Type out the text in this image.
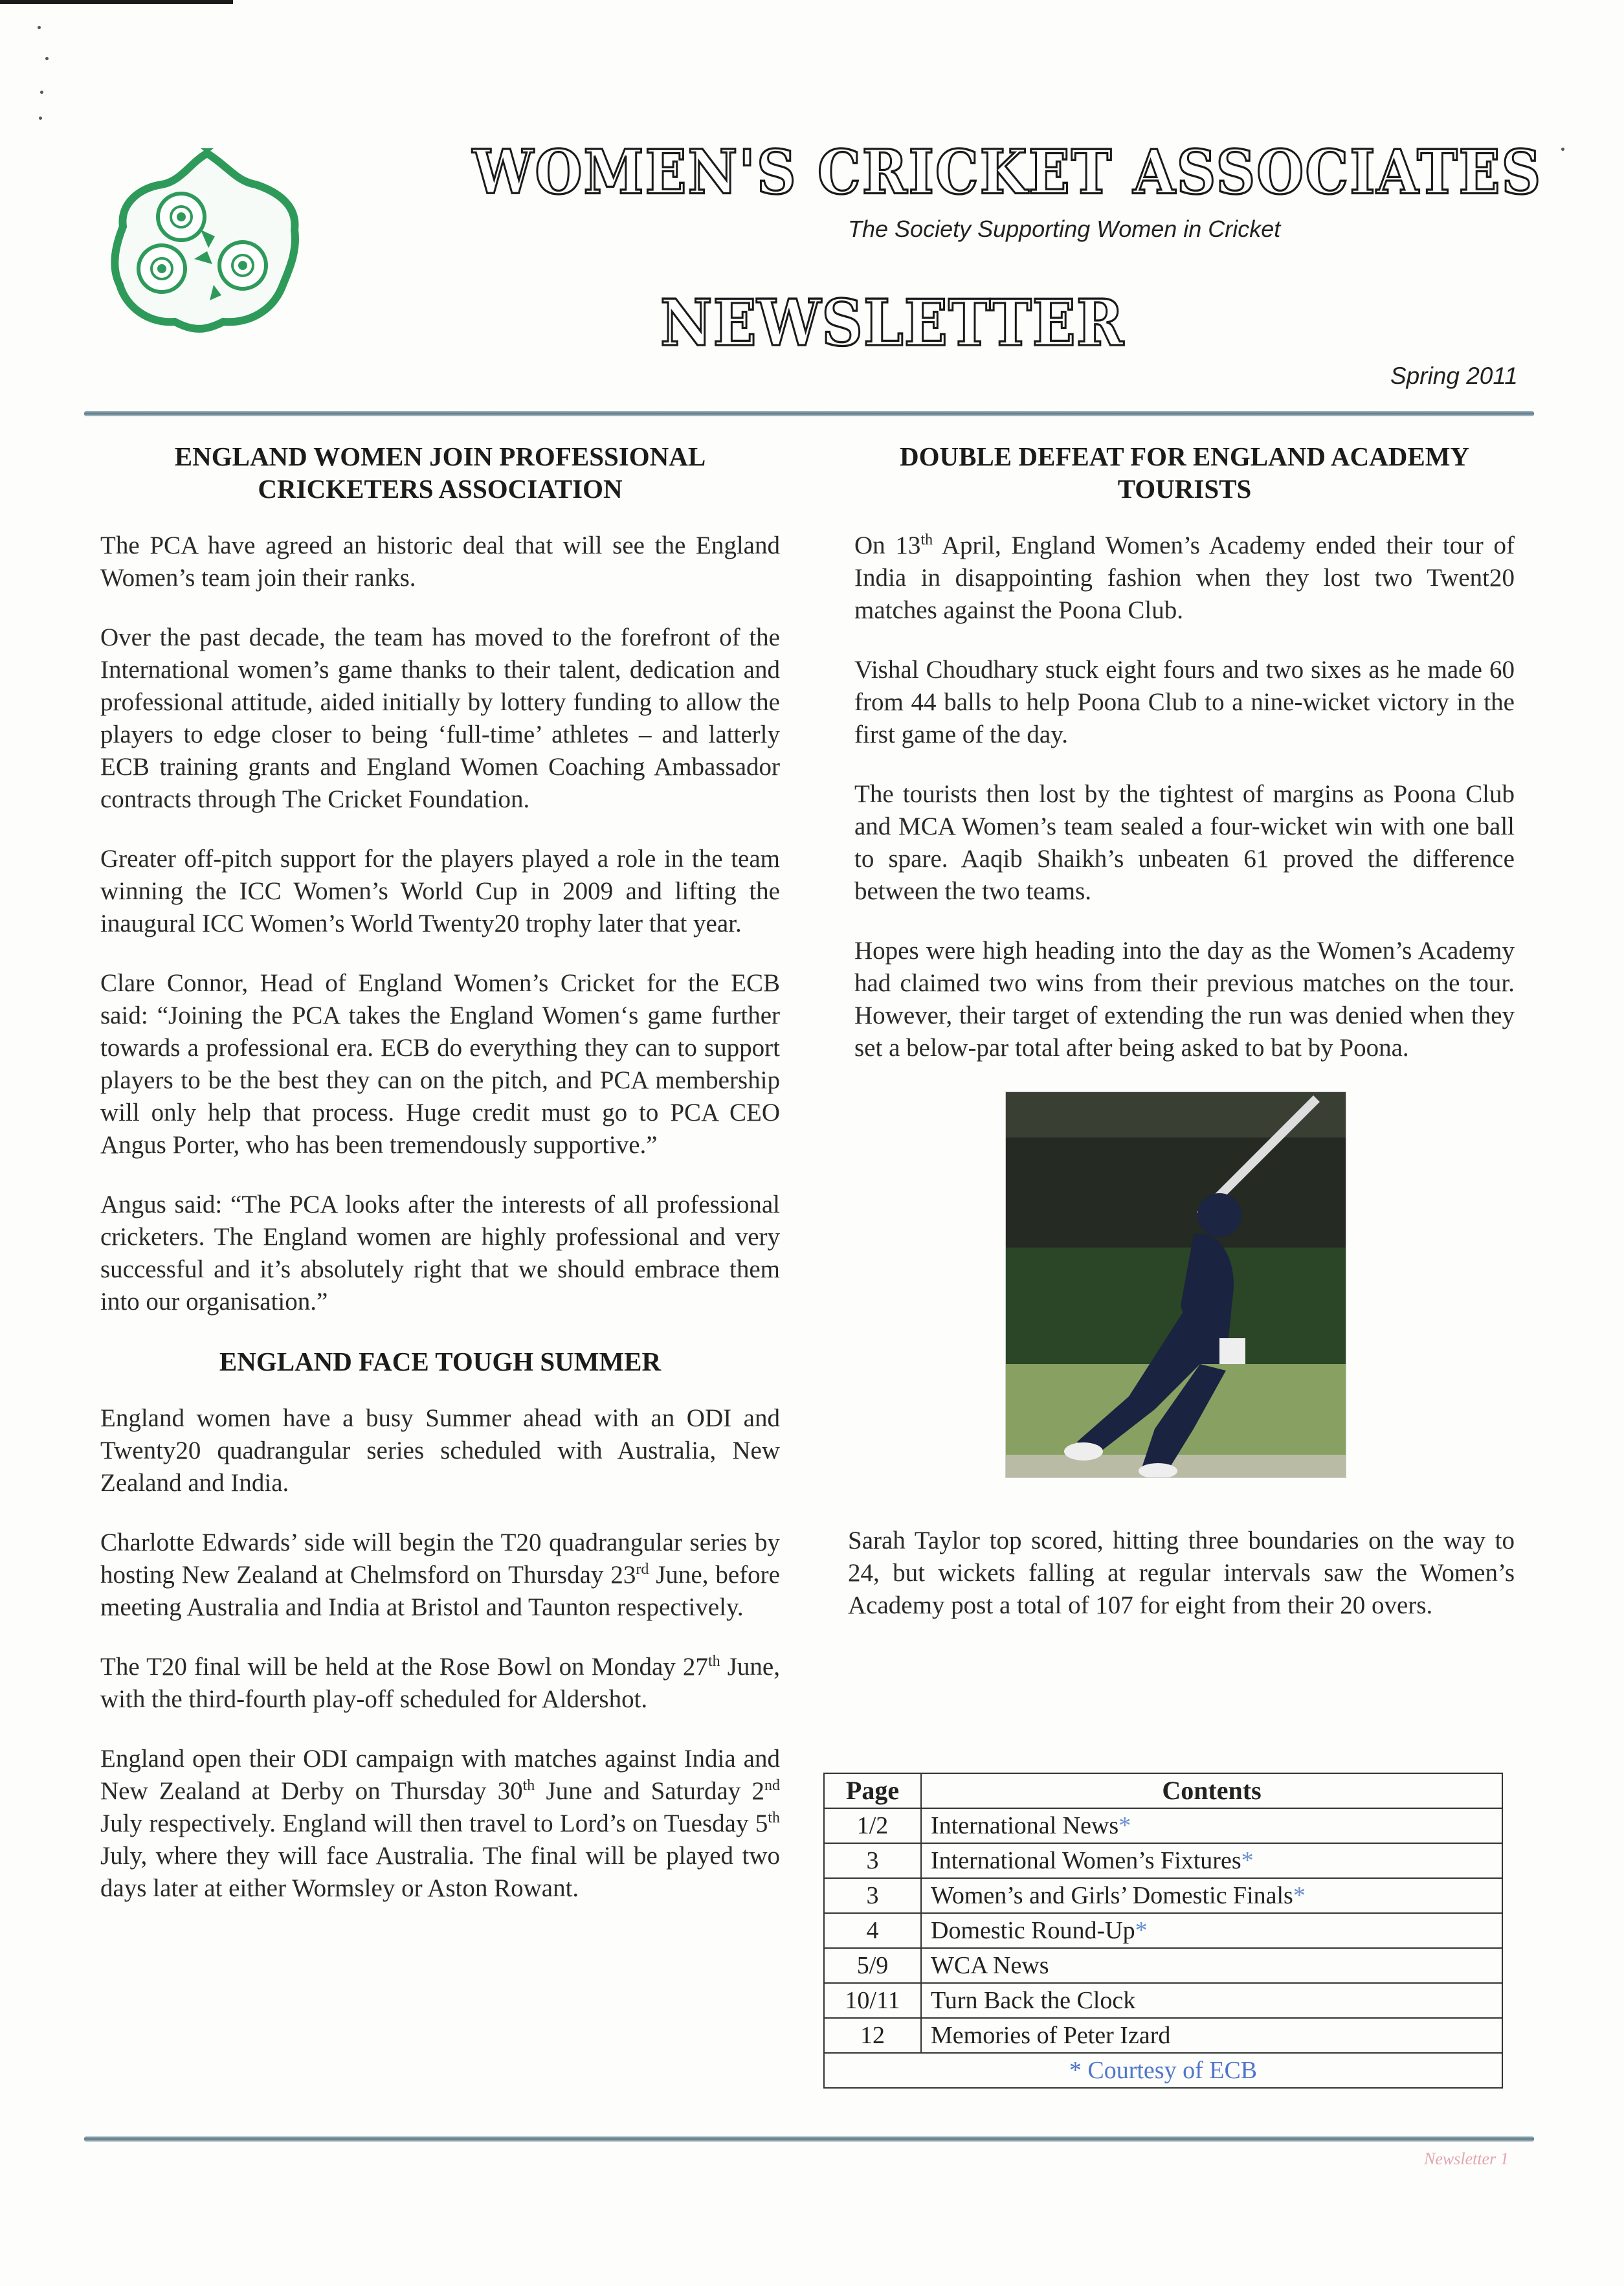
WOMEN'S CRICKET ASSOCIATES
The Society Supporting Women in Cricket
NEWSLETTER
Spring 2011
ENGLAND WOMEN JOIN PROFESSIONAL CRICKETERS ASSOCIATION

The PCA have agreed an historic deal that will see the England Women’s team join their ranks.

Over the past decade, the team has moved to the forefront of the International women’s game thanks to their talent, dedication and professional attitude, aided initially by lottery funding to allow the players to edge closer to being ‘full-time’ athletes – and latterly ECB training grants and England Women Coaching Ambassador contracts through The Cricket Foundation.

Greater off-pitch support for the players played a role in the team winning the ICC Women’s World Cup in 2009 and lifting the inaugural ICC Women’s World Twenty20 trophy later that year.

Clare Connor, Head of England Women’s Cricket for the ECB said: “Joining the PCA takes the England Women‘s game further towards a professional era. ECB do everything they can to support players to be the best they can on the pitch, and PCA membership will only help that process. Huge credit must go to PCA CEO Angus Porter, who has been tremendously supportive.”

Angus said: “The PCA looks after the interests of all professional cricketers. The England women are highly professional and very successful and it’s absolutely right that we should embrace them into our organisation.”

ENGLAND FACE TOUGH SUMMER

England women have a busy Summer ahead with an ODI and Twenty20 quadrangular series scheduled with Australia, New Zealand and India.

Charlotte Edwards’ side will begin the T20 quadrangular series by hosting New Zealand at Chelmsford on Thursday 23rd June, before meeting Australia and India at Bristol and Taunton respectively.

The T20 final will be held at the Rose Bowl on Monday 27th June, with the third-fourth play-off scheduled for Aldershot.

England open their ODI campaign with matches against India and New Zealand at Derby on Thursday 30th June and Saturday 2nd July respectively. England will then travel to Lord’s on Tuesday 5th July, where they will face Australia. The final will be played two days later at either Wormsley or Aston Rowant.

DOUBLE DEFEAT FOR ENGLAND ACADEMY TOURISTS

On 13th April, England Women’s Academy ended their tour of India in disappointing fashion when they lost two Twent20 matches against the Poona Club.

Vishal Choudhary stuck eight fours and two sixes as he made 60 from 44 balls to help Poona Club to a nine-wicket victory in the first game of the day.

The tourists then lost by the tightest of margins as Poona Club and MCA Women’s team sealed a four-wicket win with one ball to spare. Aaqib Shaikh’s unbeaten 61 proved the difference between the two teams.

Hopes were high heading into the day as the Women’s Academy had claimed two wins from their previous matches on the tour. However, their target of extending the run was denied when they set a below-par total after being asked to bat by Poona.

Sarah Taylor top scored, hitting three boundaries on the way to 24, but wickets falling at regular intervals saw the Women’s Academy post a total of 107 for eight from their 20 overs.

Page	Contents
1/2	International News*
3	International Women’s Fixtures*
3	Women’s and Girls’ Domestic Finals*
4	Domestic Round-Up*
5/9	WCA News
10/11	Turn Back the Clock
12	Memories of Peter Izard
* Courtesy of ECB	
Newsletter 1
